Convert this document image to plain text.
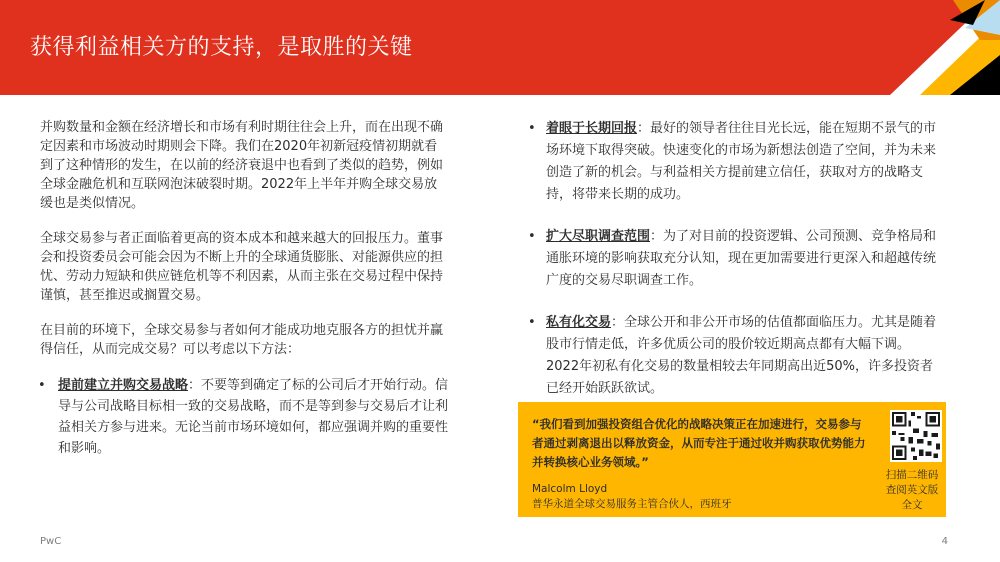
获得利益相关方的支持，是取胜的关键

并购数量和金额在经济增长和市场有利时期往往会上升，而在出现不确定因素和市场波动时期则会下降。我们在2020年初新冠疫情初期就看到了这种情形的发生，在以前的经济衰退中也看到了类似的趋势，例如全球金融危机和互联网泡沫破裂时期。2022年上半年并购全球交易放缓也是类似情况。

全球交易参与者正面临着更高的资本成本和越来越大的回报压力。董事会和投资委员会可能会因为不断上升的全球通货膨胀、对能源供应的担忧、劳动力短缺和供应链危机等不利因素，从而主张在交易过程中保持谨慎，甚至推迟或搁置交易。

在目前的环境下，全球交易参与者如何才能成功地克服各方的担忧并赢得信任，从而完成交易？可以考虑以下方法：

• 提前建立并购交易战略：不要等到确定了标的公司后才开始行动。信导与公司战略目标相一致的交易战略，而不是等到参与交易后才让利益相关方参与进来。无论当前市场环境如何，都应强调并购的重要性和影响。
• 着眼于长期回报：最好的领导者往往目光长远，能在短期不景气的市场环境下取得突破。快速变化的市场为新想法创造了空间，并为未来创造了新的机会。与利益相关方提前建立信任，获取对方的战略支持，将带来长期的成功。
• 扩大尽职调查范围：为了对目前的投资逻辑、公司预测、竞争格局和通胀环境的影响获取充分认知，现在更加需要进行更深入和超越传统广度的交易尽职调查工作。
• 私有化交易：全球公开和非公开市场的估值都面临压力。尤其是随着股市行情走低，许多优质公司的股价较近期高点都有大幅下调。2022年初私有化交易的数量相较去年同期高出近50%，许多投资者已经开始跃跃欲试。
“我们看到加强投资组合优化的战略决策正在加速进行，交易参与者通过剥离退出以释放资金，从而专注于通过收并购获取优势能力并转换核心业务领域。”
Malcolm Lloyd
普华永道全球交易服务主管合伙人，西班牙
扫描二维码查阅英文版全文
PwC	4
